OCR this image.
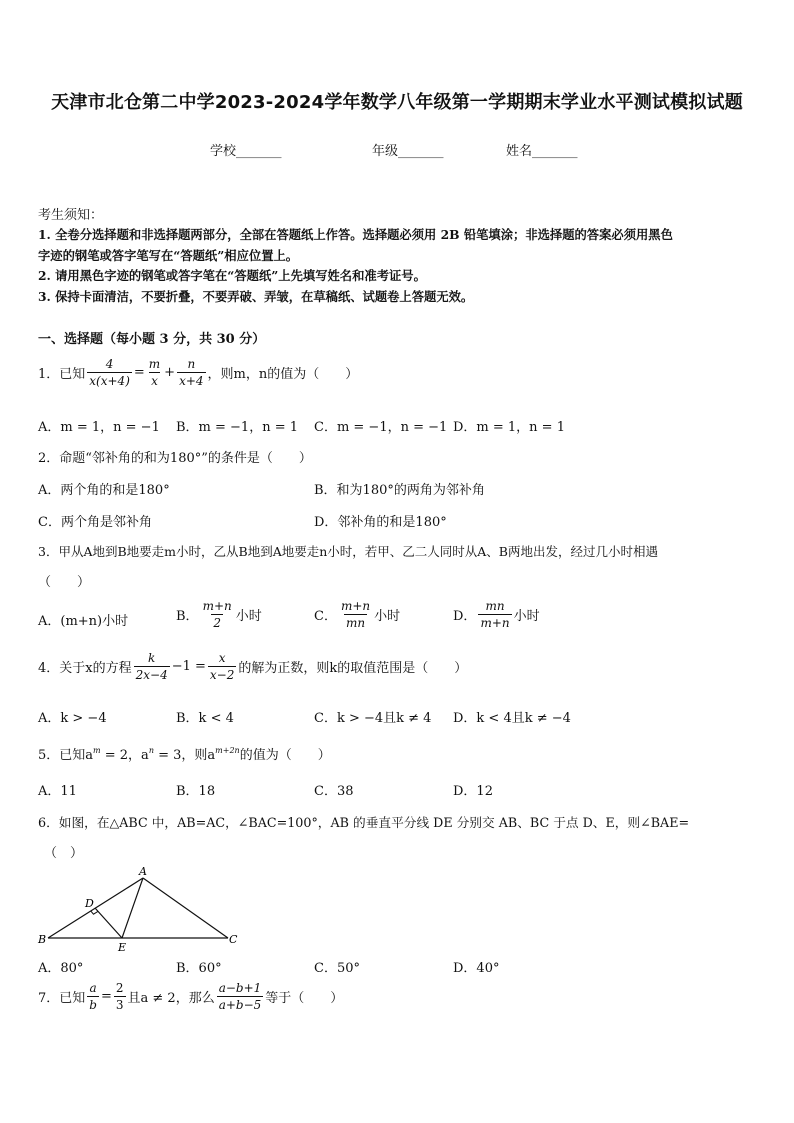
天津市北仓第二中学2023-2024学年数学八年级第一学期期末学业水平测试模拟试题
学校_______	年级_______	姓名_______
考生须知：
1. 全卷分选择题和非选择题两部分，全部在答题纸上作答。选择题必须用 2B 铅笔填涂；非选择题的答案必须用黑色
字迹的钢笔或答字笔写在“答题纸”相应位置上。
2. 请用黑色字迹的钢笔或答字笔在“答题纸”上先填写姓名和准考证号。
3. 保持卡面清洁，不要折叠，不要弄破、弄皱，在草稿纸、试题卷上答题无效。
一、选择题（每小题 3 分，共 30 分）
1．已知 $\frac{4}{x(x+4)} = \frac{m}{x} + \frac{n}{x+4}$ ，则m，n的值为（　　）
A．m = 1，n = −1 B．m = −1，n = 1 C．m = −1，n = −1 D．m = 1，n = 1
2．命题“邻补角的和为180°”的条件是（　　）
A．两个角的和是180°	B．和为180°的两角为邻补角
C．两个角是邻补角	D．邻补角的和是180°
3．甲从A地到B地要走m小时，乙从B地到A地要走n小时，若甲、乙二人同时从A、B两地出发，经过几小时相遇
（　　）
A．(m+n)小时	B． $\frac{m+n}{2}$ 小时	C． $\frac{m+n}{mn}$ 小时	D． $\frac{mn}{m+n}$ 小时
4．关于x的方程 $\frac{k}{2x-4} -1 = \frac{x}{x-2}$ 的解为正数，则k的取值范围是（　　）
A．k > −4	B．k < 4	C．k > −4且k ≠ 4 D．k < 4且k ≠ −4
5．已知$a^m = 2$，$a^n = 3$，则$a^{m+2n}$的值为（　　）
A．11	B．18	C．38	D．12
6．如图，在△ABC 中，AB=AC，∠BAC=100°，AB 的垂直平分线 DE 分别交 AB、BC 于点 D、E，则∠BAE=
（　）
A
B	C
D
E
A．80°	B．60°	C．50°	D．40°
7．已知 $\frac{a}{b} = \frac{2}{3}$ 且a ≠ 2，那么 $\frac{a-b+1}{a+b-5}$ 等于（　　）
